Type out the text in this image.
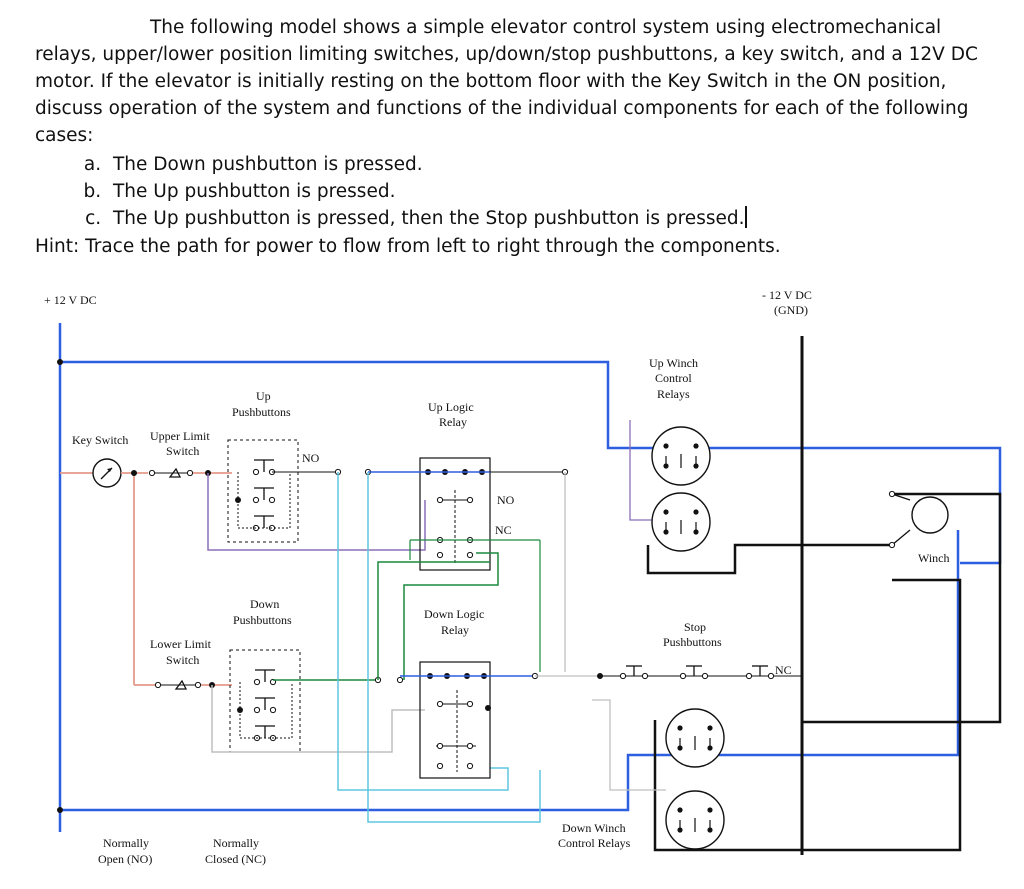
The following model shows a simple elevator control system using electromechanical relays, upper/lower position limiting switches, up/down/stop pushbuttons, a key switch, and a 12V DC motor. If the elevator is initially resting on the bottom floor with the Key Switch in the ON position, discuss operation of the system and functions of the individual components for each of the following cases:

a. The Down pushbutton is pressed.
b. The Up pushbutton is pressed.
c. The Up pushbutton is pressed, then the Stop pushbutton is pressed.

Hint: Trace the path for power to flow from left to right through the components.

+ 12 V DC	- 12 V DC
(GND)
Key Switch Upper Limit
Switch
Lower Limit
Switch
Up
Pushbuttons
Down
Pushbuttons
Up Logic
Relay
Down Logic
Relay
Up Winch
Control
Relays
Down Winch
Control Relays
Stop
Pushbuttons
Winch
NO
NO
NC
NC
Normally
Open (NO)
Normally
Closed (NC)
